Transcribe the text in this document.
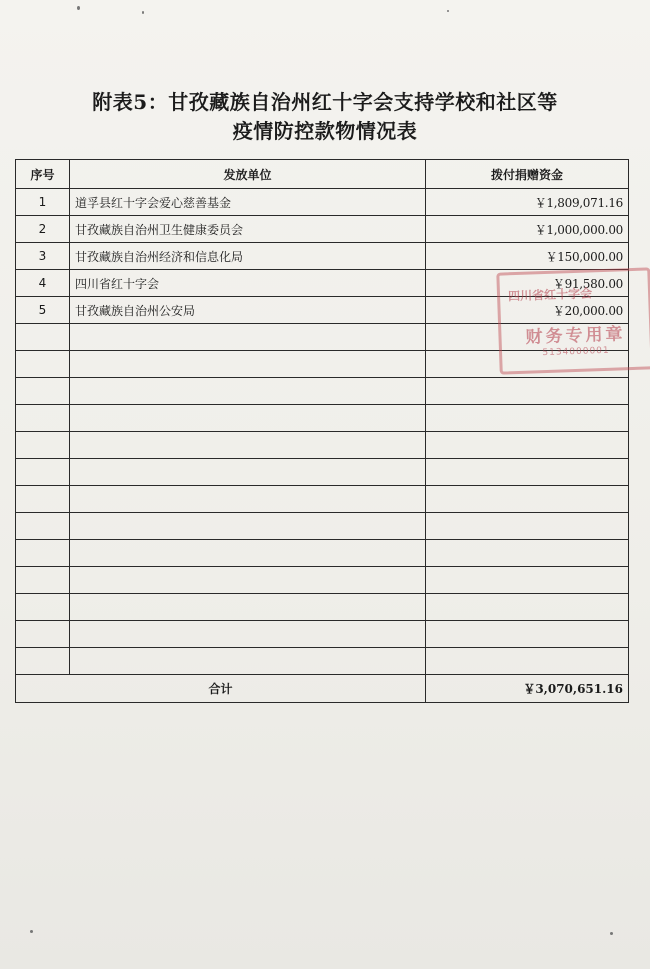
附表5：甘孜藏族自治州红十字会支持学校和社区等
疫情防控款物情况表
序号	发放单位	拨付捐赠资金
1	道孚县红十字会爱心慈善基金	￥1,809,071.16
2	甘孜藏族自治州卫生健康委员会	￥1,000,000.00
3	甘孜藏族自治州经济和信息化局	￥150,000.00
4	四川省红十字会	￥91,580.00
5	甘孜藏族自治州公安局	￥20,000.00

合计		￥3,070,651.16
四川省红十字会
财务专用章
5134000001
